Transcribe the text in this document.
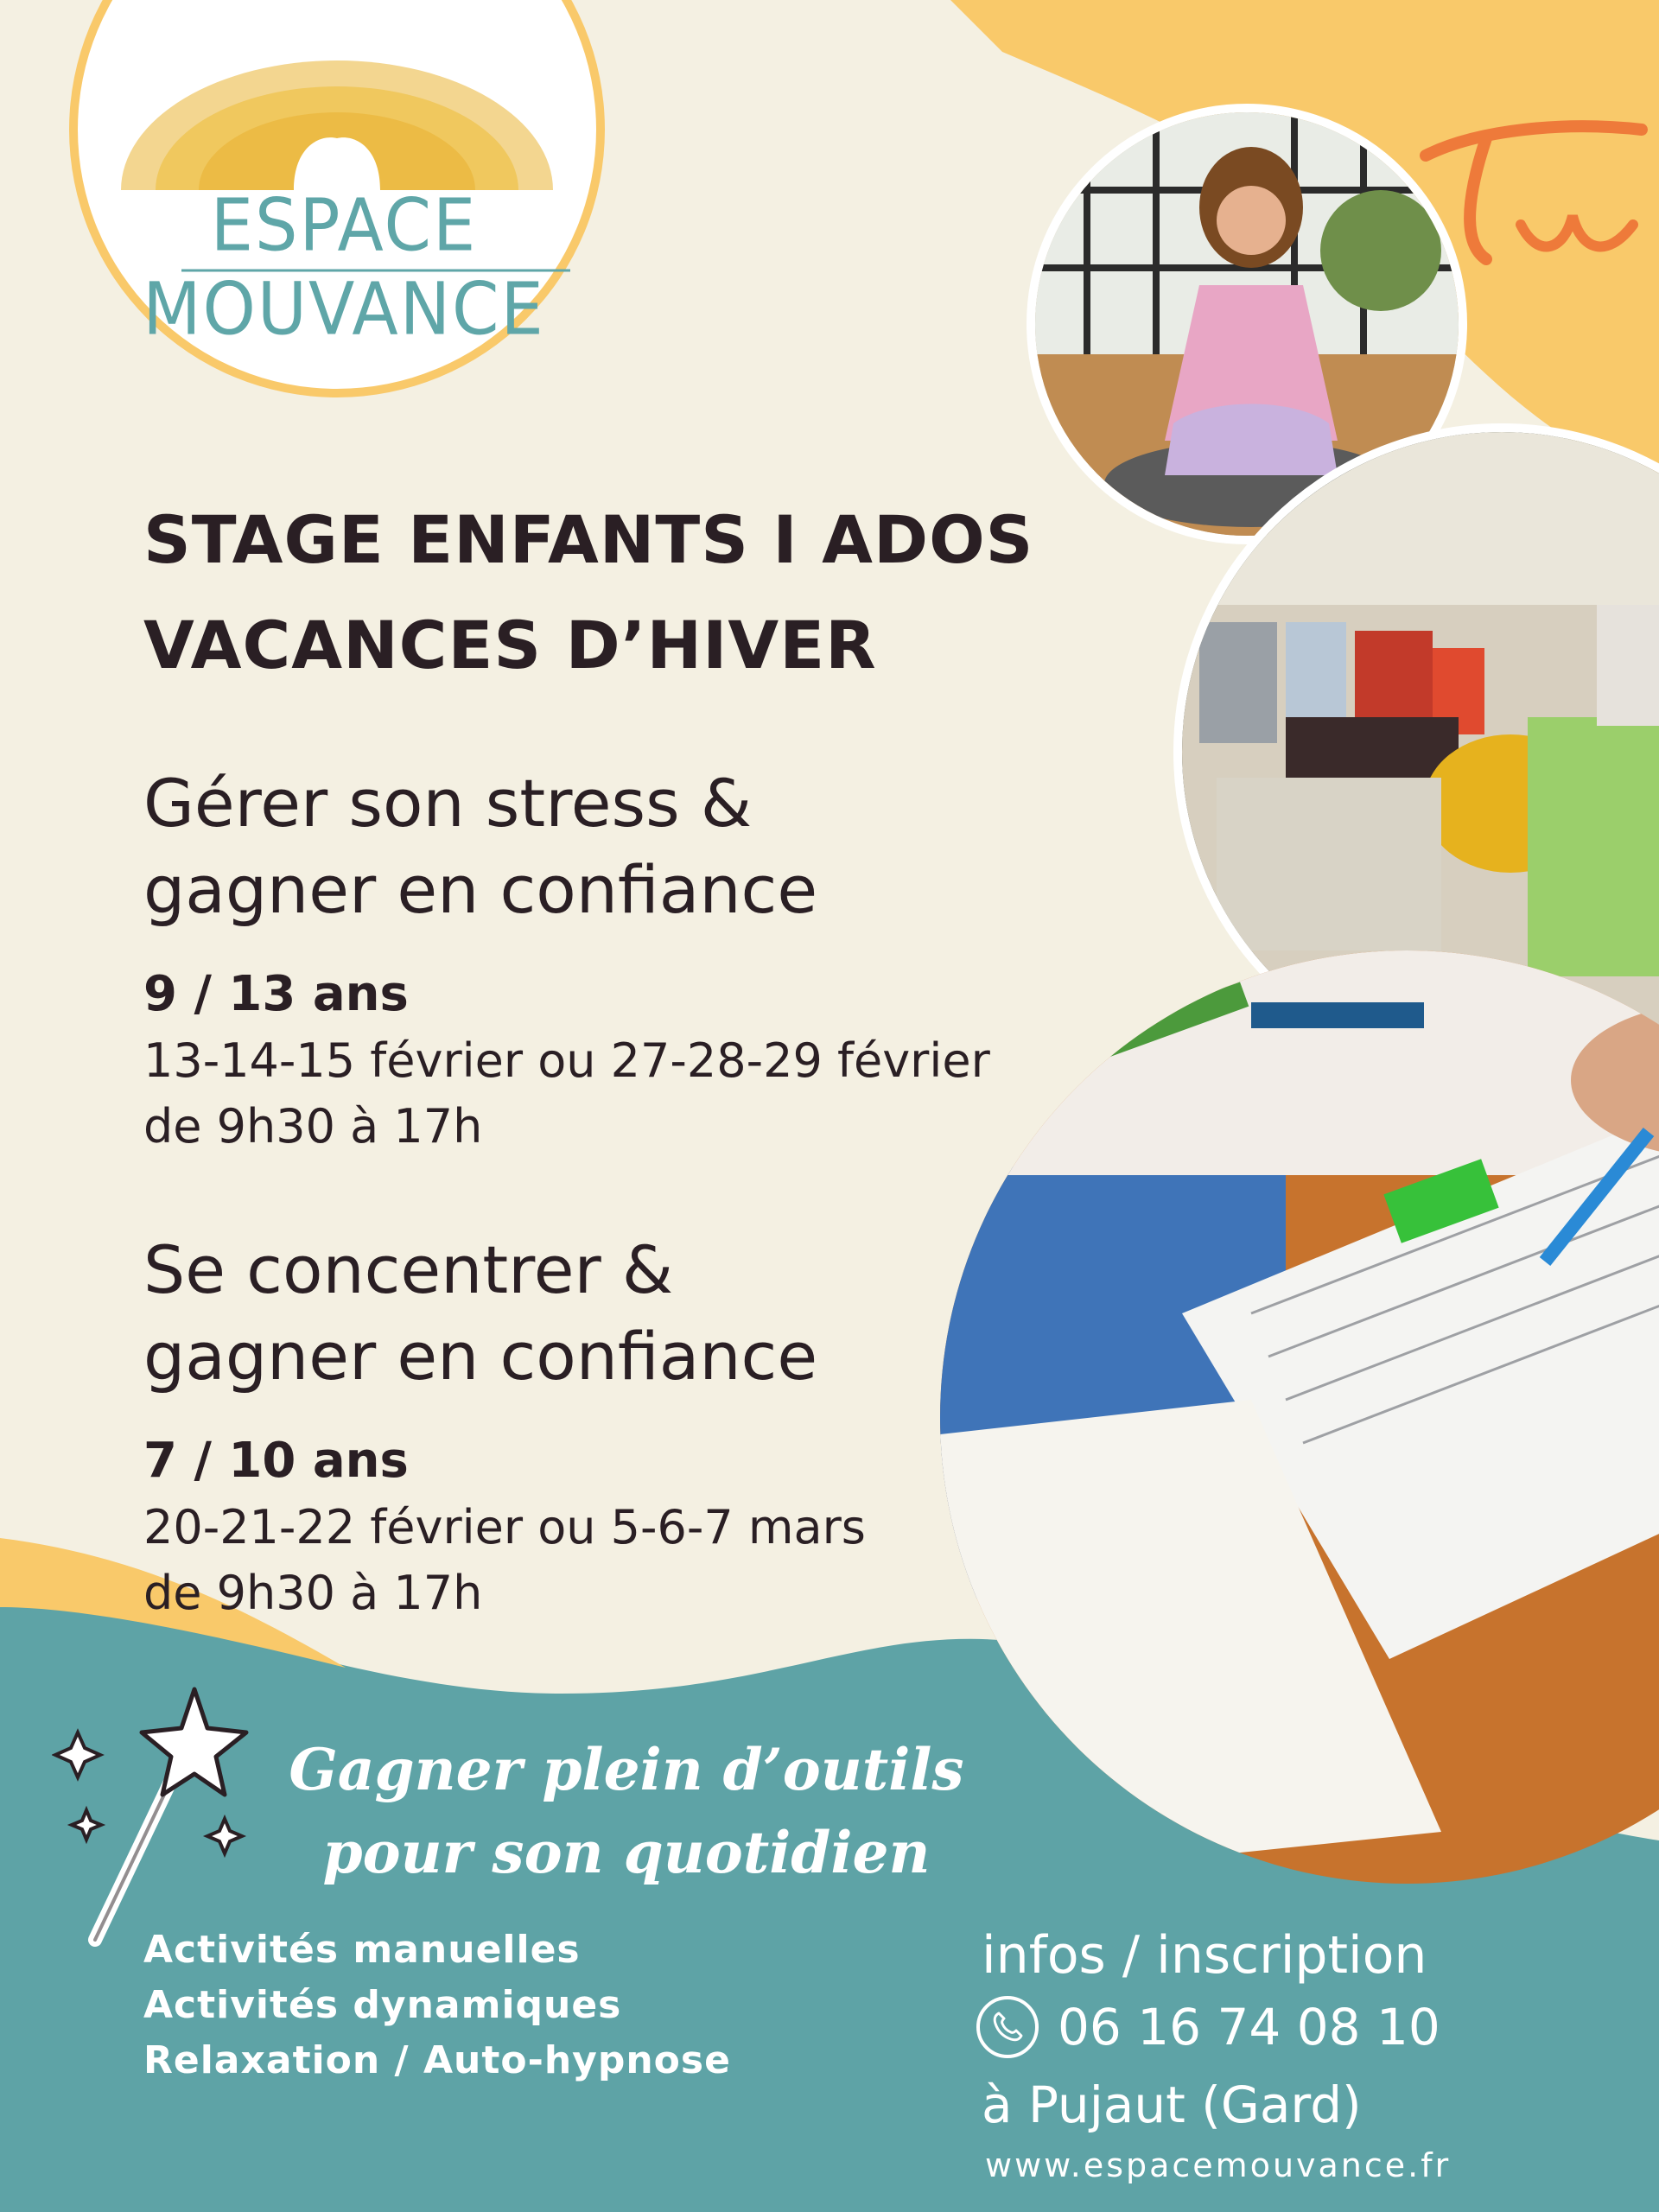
ESPACE MOUVANCE
STAGE ENFANTS I ADOS
VACANCES D’HIVER
Gérer son stress &
gagner en confiance
9 / 13 ans
13-14-15 février ou 27-28-29 février
de 9h30 à 17h
Se concentrer &
gagner en confiance
7 / 10 ans
20-21-22 février ou 5-6-7 mars
de 9h30 à 17h
Gagner plein d’outils
pour son quotidien
Activités manuelles
Activités dynamiques
Relaxation / Auto-hypnose
infos / inscription
06 16 74 08 10
à Pujaut (Gard)
www.espacemouvance.fr
